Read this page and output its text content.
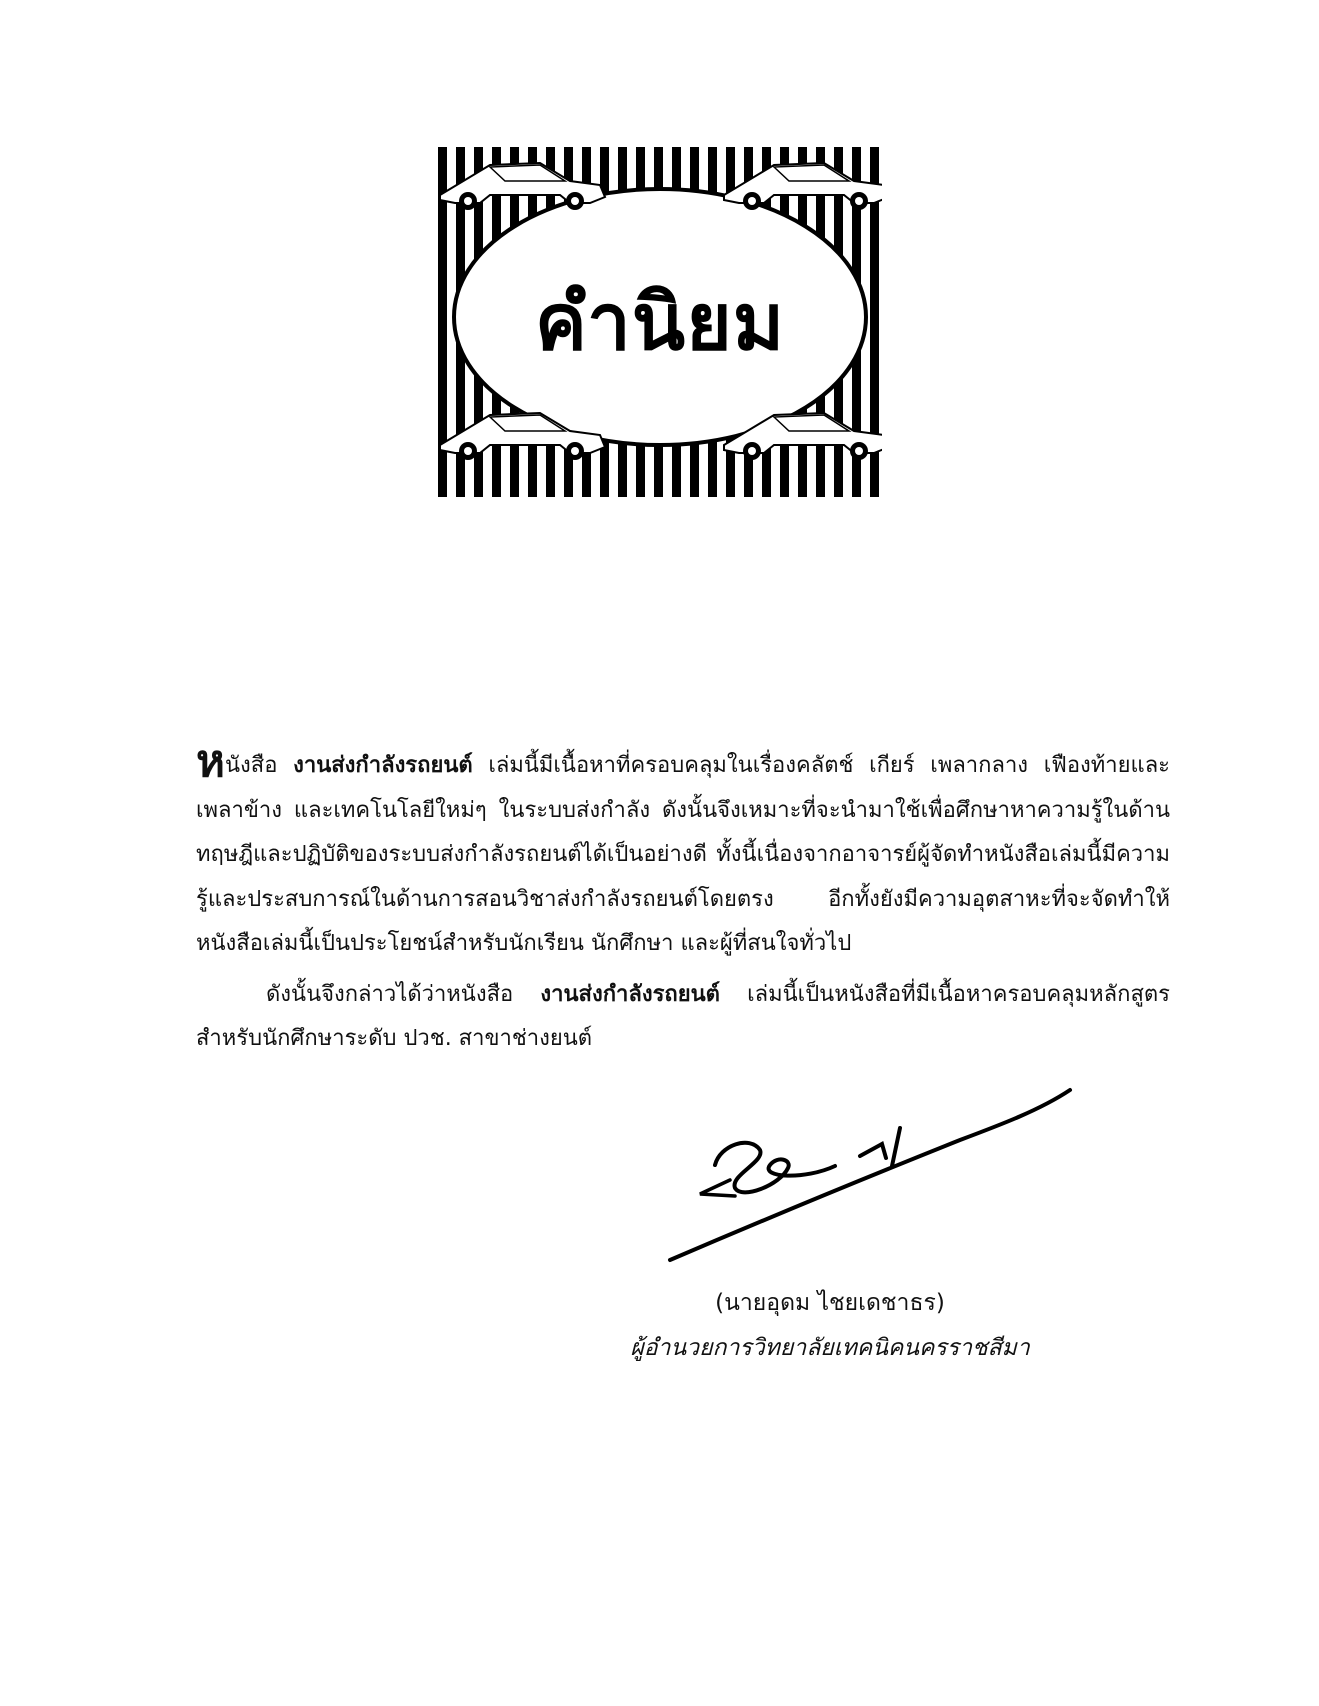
คำนิยม

หนังสือ งานส่งกำลังรถยนต์ เล่มนี้มีเนื้อหาที่ครอบคลุมในเรื่องคลัตช์ เกียร์ เพลากลาง เฟืองท้ายและเพลาข้าง และเทคโนโลยีใหม่ๆ ในระบบส่งกำลัง ดังนั้นจึงเหมาะที่จะนำมาใช้เพื่อศึกษาหาความรู้ในด้านทฤษฎีและปฏิบัติของระบบส่งกำลังรถยนต์ได้เป็นอย่างดี ทั้งนี้เนื่องจากอาจารย์ผู้จัดทำหนังสือเล่มนี้มีความรู้และประสบการณ์ในด้านการสอนวิชาส่งกำลังรถยนต์โดยตรง อีกทั้งยังมีความอุตสาหะที่จะจัดทำให้หนังสือเล่มนี้เป็นประโยชน์สำหรับนักเรียน นักศึกษา และผู้ที่สนใจทั่วไป

ดังนั้นจึงกล่าวได้ว่าหนังสือ งานส่งกำลังรถยนต์ เล่มนี้เป็นหนังสือที่มีเนื้อหาครอบคลุมหลักสูตรสำหรับนักศึกษาระดับ ปวช. สาขาช่างยนต์

(นายอุดม ไชยเดชาธร)
ผู้อำนวยการวิทยาลัยเทคนิคนครราชสีมา
